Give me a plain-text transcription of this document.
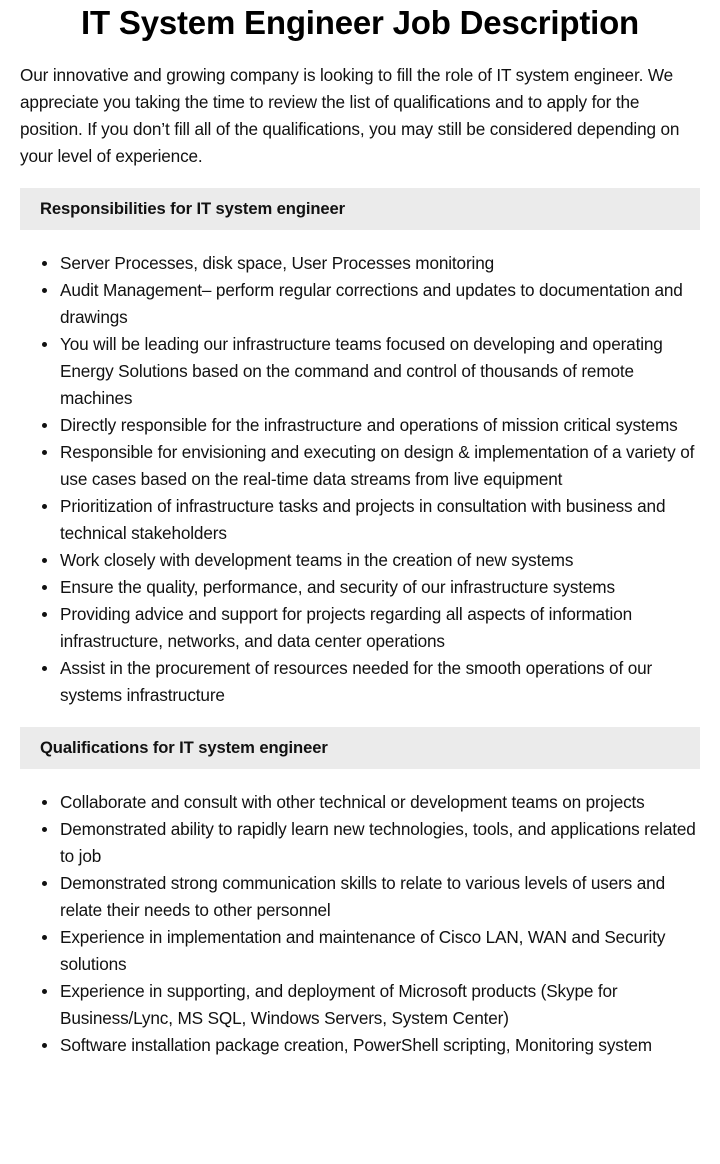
IT System Engineer Job Description

Our innovative and growing company is looking to fill the role of IT system engineer. We appreciate you taking the time to review the list of qualifications and to apply for the position. If you don’t fill all of the qualifications, you may still be considered depending on your level of experience.

Responsibilities for IT system engineer
Server Processes, disk space, User Processes monitoring
Audit Management– perform regular corrections and updates to documentation and drawings
You will be leading our infrastructure teams focused on developing and operating Energy Solutions based on the command and control of thousands of remote machines
Directly responsible for the infrastructure and operations of mission critical systems
Responsible for envisioning and executing on design & implementation of a variety of use cases based on the real-time data streams from live equipment
Prioritization of infrastructure tasks and projects in consultation with business and technical stakeholders
Work closely with development teams in the creation of new systems
Ensure the quality, performance, and security of our infrastructure systems
Providing advice and support for projects regarding all aspects of information infrastructure, networks, and data center operations
Assist in the procurement of resources needed for the smooth operations of our systems infrastructure
Qualifications for IT system engineer
Collaborate and consult with other technical or development teams on projects
Demonstrated ability to rapidly learn new technologies, tools, and applications related to job
Demonstrated strong communication skills to relate to various levels of users and relate their needs to other personnel
Experience in implementation and maintenance of Cisco LAN, WAN and Security solutions
Experience in supporting, and deployment of Microsoft products (Skype for Business/Lync, MS SQL, Windows Servers, System Center)
Software installation package creation, PowerShell scripting, Monitoring system
